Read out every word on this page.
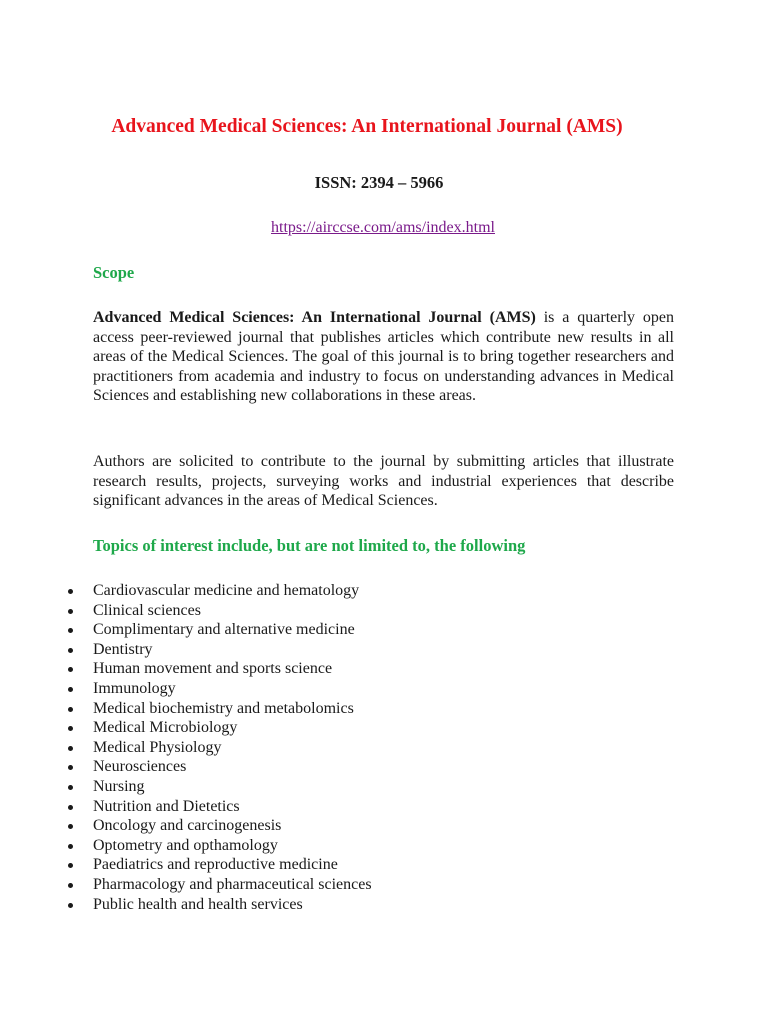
Advanced Medical Sciences: An International Journal (AMS)
ISSN: 2394 – 5966
https://airccse.com/ams/index.html
Scope
Advanced Medical Sciences: An International Journal (AMS) is a quarterly open access peer-reviewed journal that publishes articles which contribute new results in all areas of the Medical Sciences. The goal of this journal is to bring together researchers and practitioners from academia and industry to focus on understanding advances in Medical Sciences and establishing new collaborations in these areas.
Authors are solicited to contribute to the journal by submitting articles that illustrate research results, projects, surveying works and industrial experiences that describe significant advances in the areas of Medical Sciences.
Topics of interest include, but are not limited to, the following
Cardiovascular medicine and hematology
Clinical sciences
Complimentary and alternative medicine
Dentistry
Human movement and sports science
Immunology
Medical biochemistry and metabolomics
Medical Microbiology
Medical Physiology
Neurosciences
Nursing
Nutrition and Dietetics
Oncology and carcinogenesis
Optometry and opthamology
Paediatrics and reproductive medicine
Pharmacology and pharmaceutical sciences
Public health and health services
